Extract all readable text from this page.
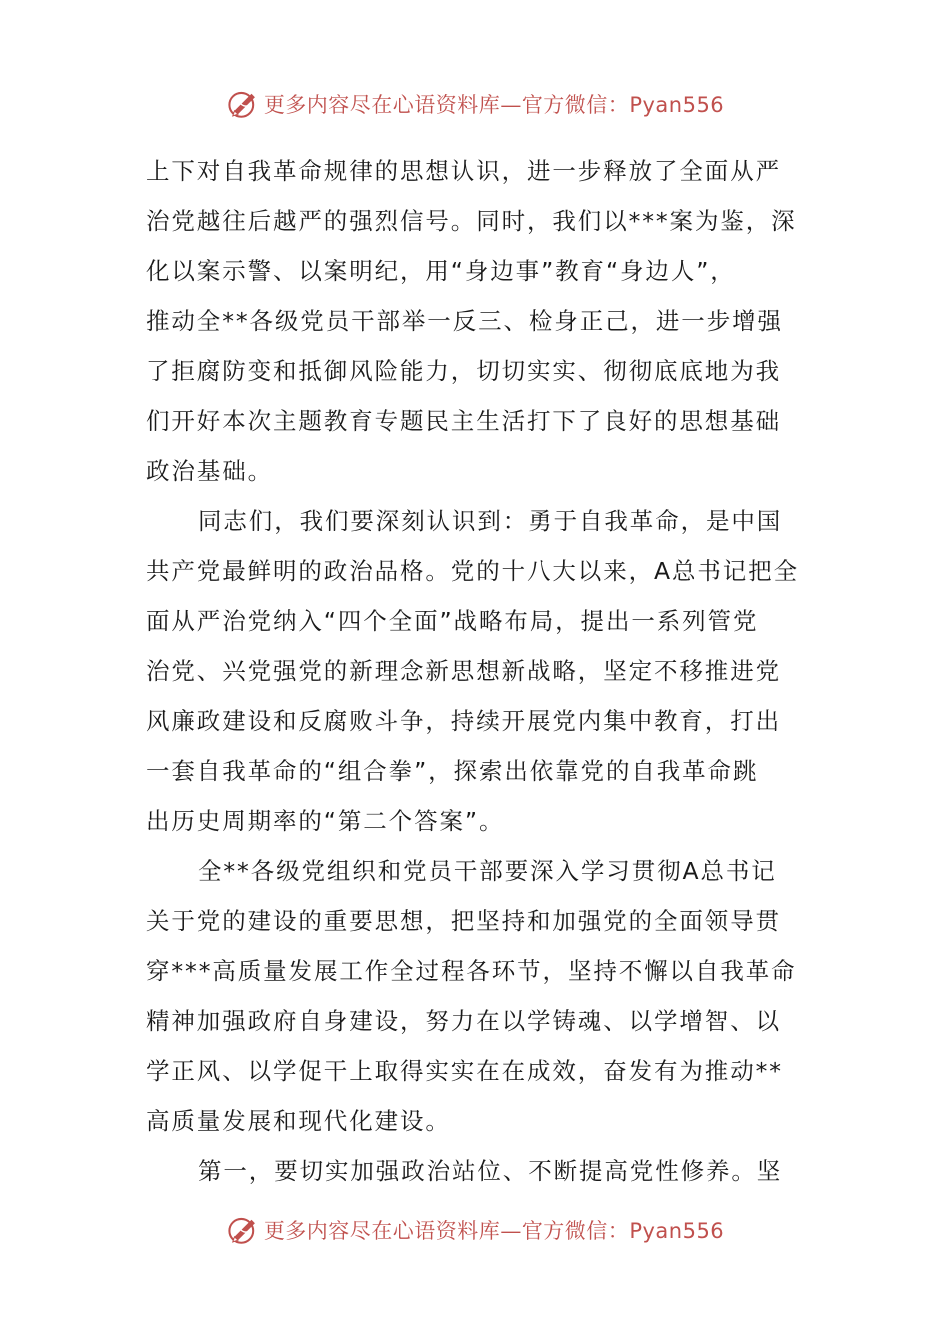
更多内容尽在心语资料库—官方微信：Pyan556

上下对自我革命规律的思想认识，进一步释放了全面从严
治党越往后越严的强烈信号。同时，我们以***案为鉴，深
化以案示警、以案明纪，用“身边事”教育“身边人”，
推动全**各级党员干部举一反三、检身正己，进一步增强
了拒腐防变和抵御风险能力，切切实实、彻彻底底地为我
们开好本次主题教育专题民主生活打下了良好的思想基础
政治基础。

同志们，我们要深刻认识到：勇于自我革命，是中国
共产党最鲜明的政治品格。党的十八大以来，A总书记把全
面从严治党纳入“四个全面”战略布局，提出一系列管党
治党、兴党强党的新理念新思想新战略，坚定不移推进党
风廉政建设和反腐败斗争，持续开展党内集中教育，打出
一套自我革命的“组合拳”，探索出依靠党的自我革命跳
出历史周期率的“第二个答案”。

全**各级党组织和党员干部要深入学习贯彻A总书记
关于党的建设的重要思想，把坚持和加强党的全面领导贯
穿***高质量发展工作全过程各环节，坚持不懈以自我革命
精神加强政府自身建设，努力在以学铸魂、以学增智、以
学正风、以学促干上取得实实在在成效，奋发有为推动**
高质量发展和现代化建设。

第一，要切实加强政治站位、不断提高党性修养。坚

更多内容尽在心语资料库—官方微信：Pyan556
